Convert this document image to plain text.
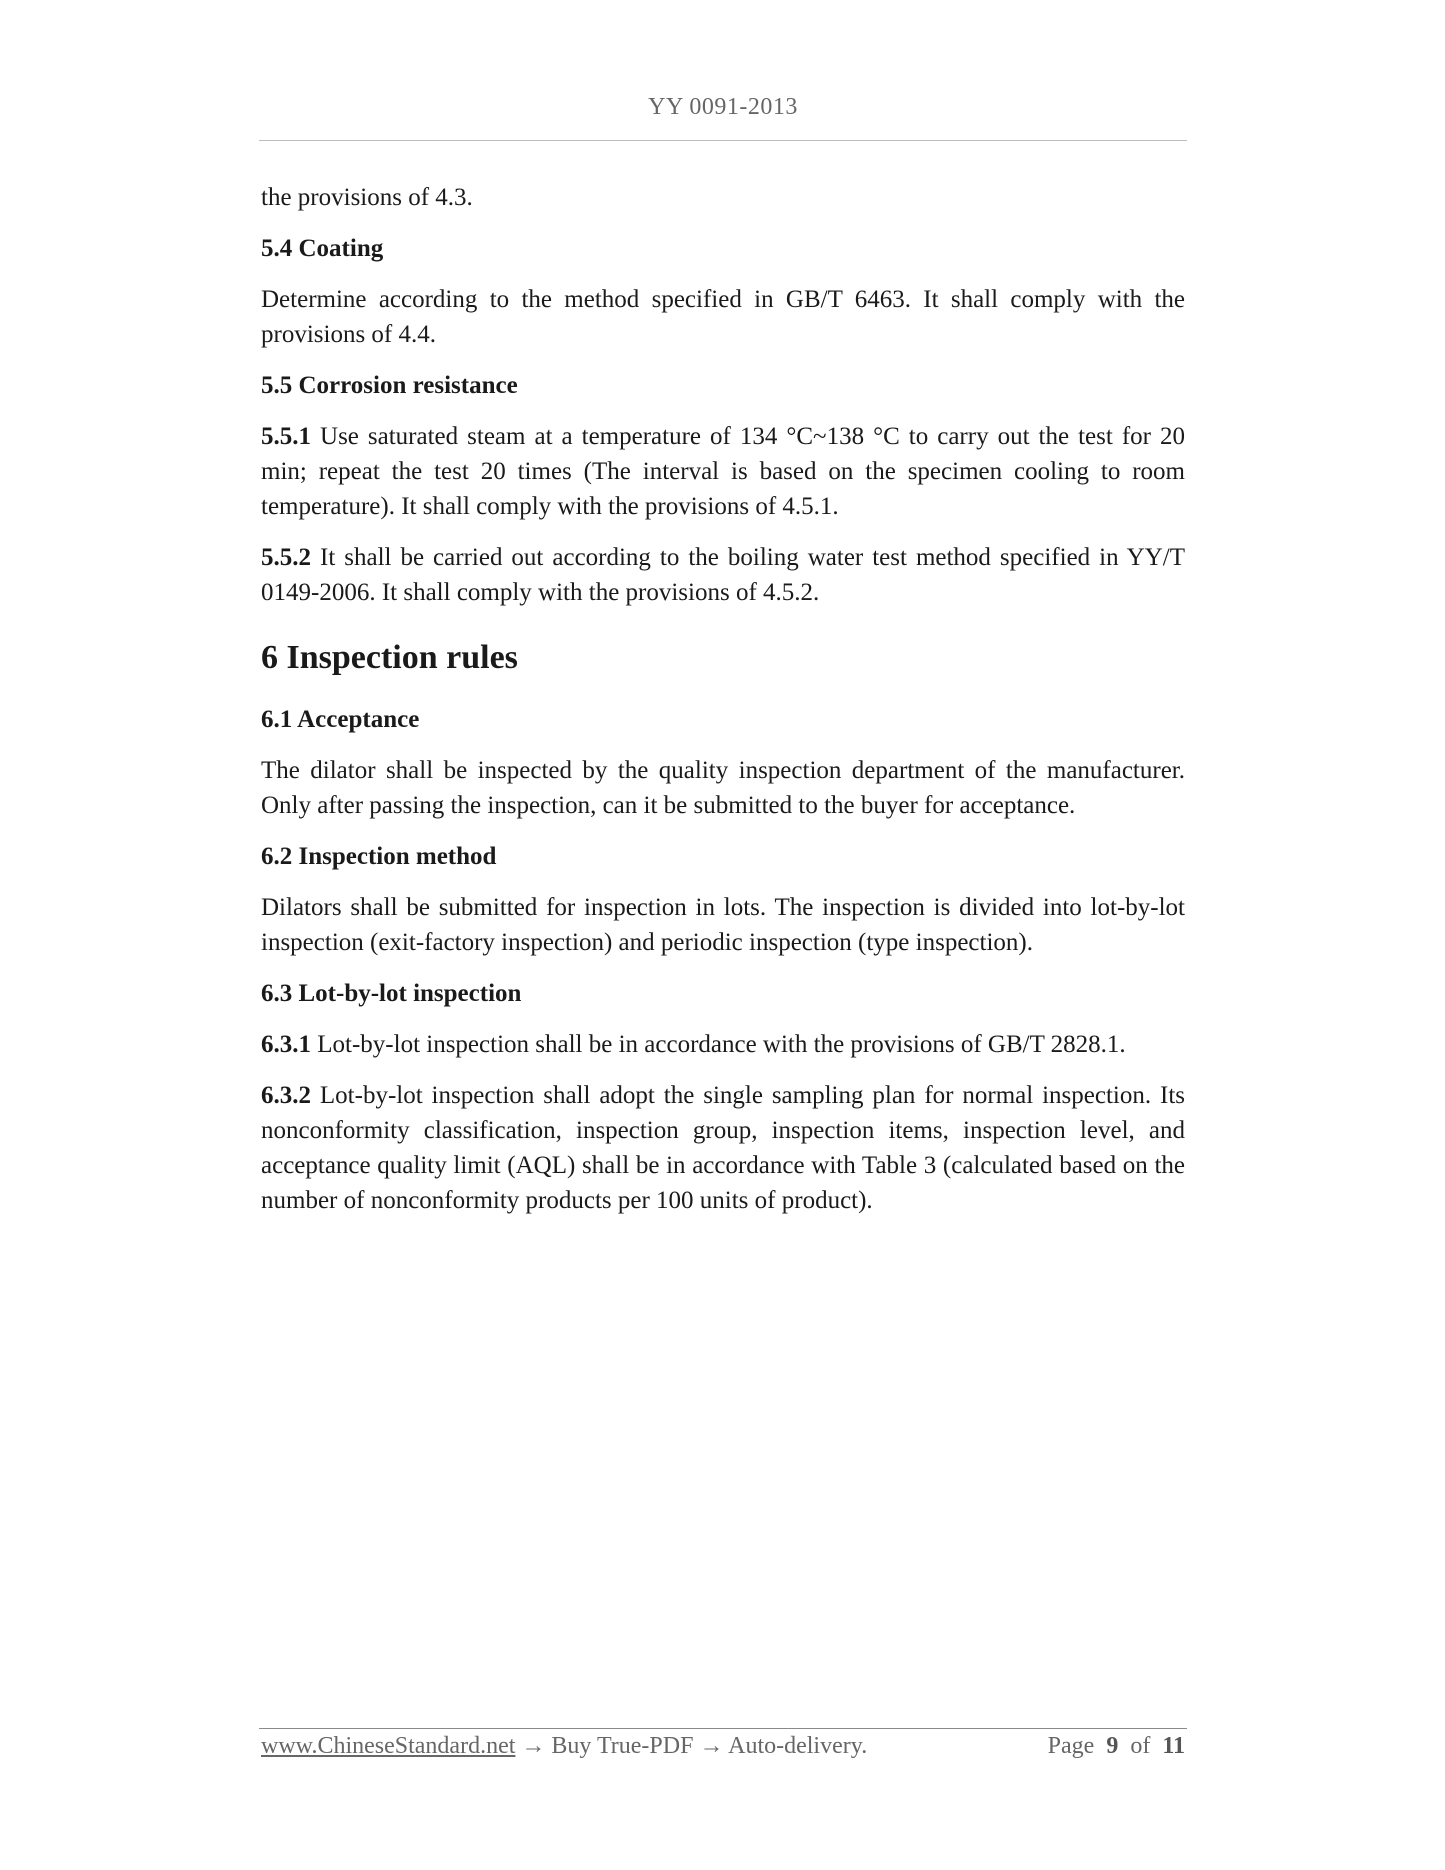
YY 0091-2013

the provisions of 4.3.

5.4 Coating

Determine according to the method specified in GB/T 6463. It shall comply with the provisions of 4.4.

5.5 Corrosion resistance

5.5.1 Use saturated steam at a temperature of 134 °C~138 °C to carry out the test for 20 min; repeat the test 20 times (The interval is based on the specimen cooling to room temperature). It shall comply with the provisions of 4.5.1.

5.5.2 It shall be carried out according to the boiling water test method specified in YY/T 0149-2006. It shall comply with the provisions of 4.5.2.

6 Inspection rules

6.1 Acceptance

The dilator shall be inspected by the quality inspection department of the manufacturer. Only after passing the inspection, can it be submitted to the buyer for acceptance.

6.2 Inspection method

Dilators shall be submitted for inspection in lots. The inspection is divided into lot-by-lot inspection (exit-factory inspection) and periodic inspection (type inspection).

6.3 Lot-by-lot inspection

6.3.1 Lot-by-lot inspection shall be in accordance with the provisions of GB/T 2828.1.

6.3.2 Lot-by-lot inspection shall adopt the single sampling plan for normal inspection. Its nonconformity classification, inspection group, inspection items, inspection level, and acceptance quality limit (AQL) shall be in accordance with Table 3 (calculated based on the number of nonconformity products per 100 units of product).

www.ChineseStandard.net → Buy True-PDF → Auto-delivery.	Page 9 of 11
